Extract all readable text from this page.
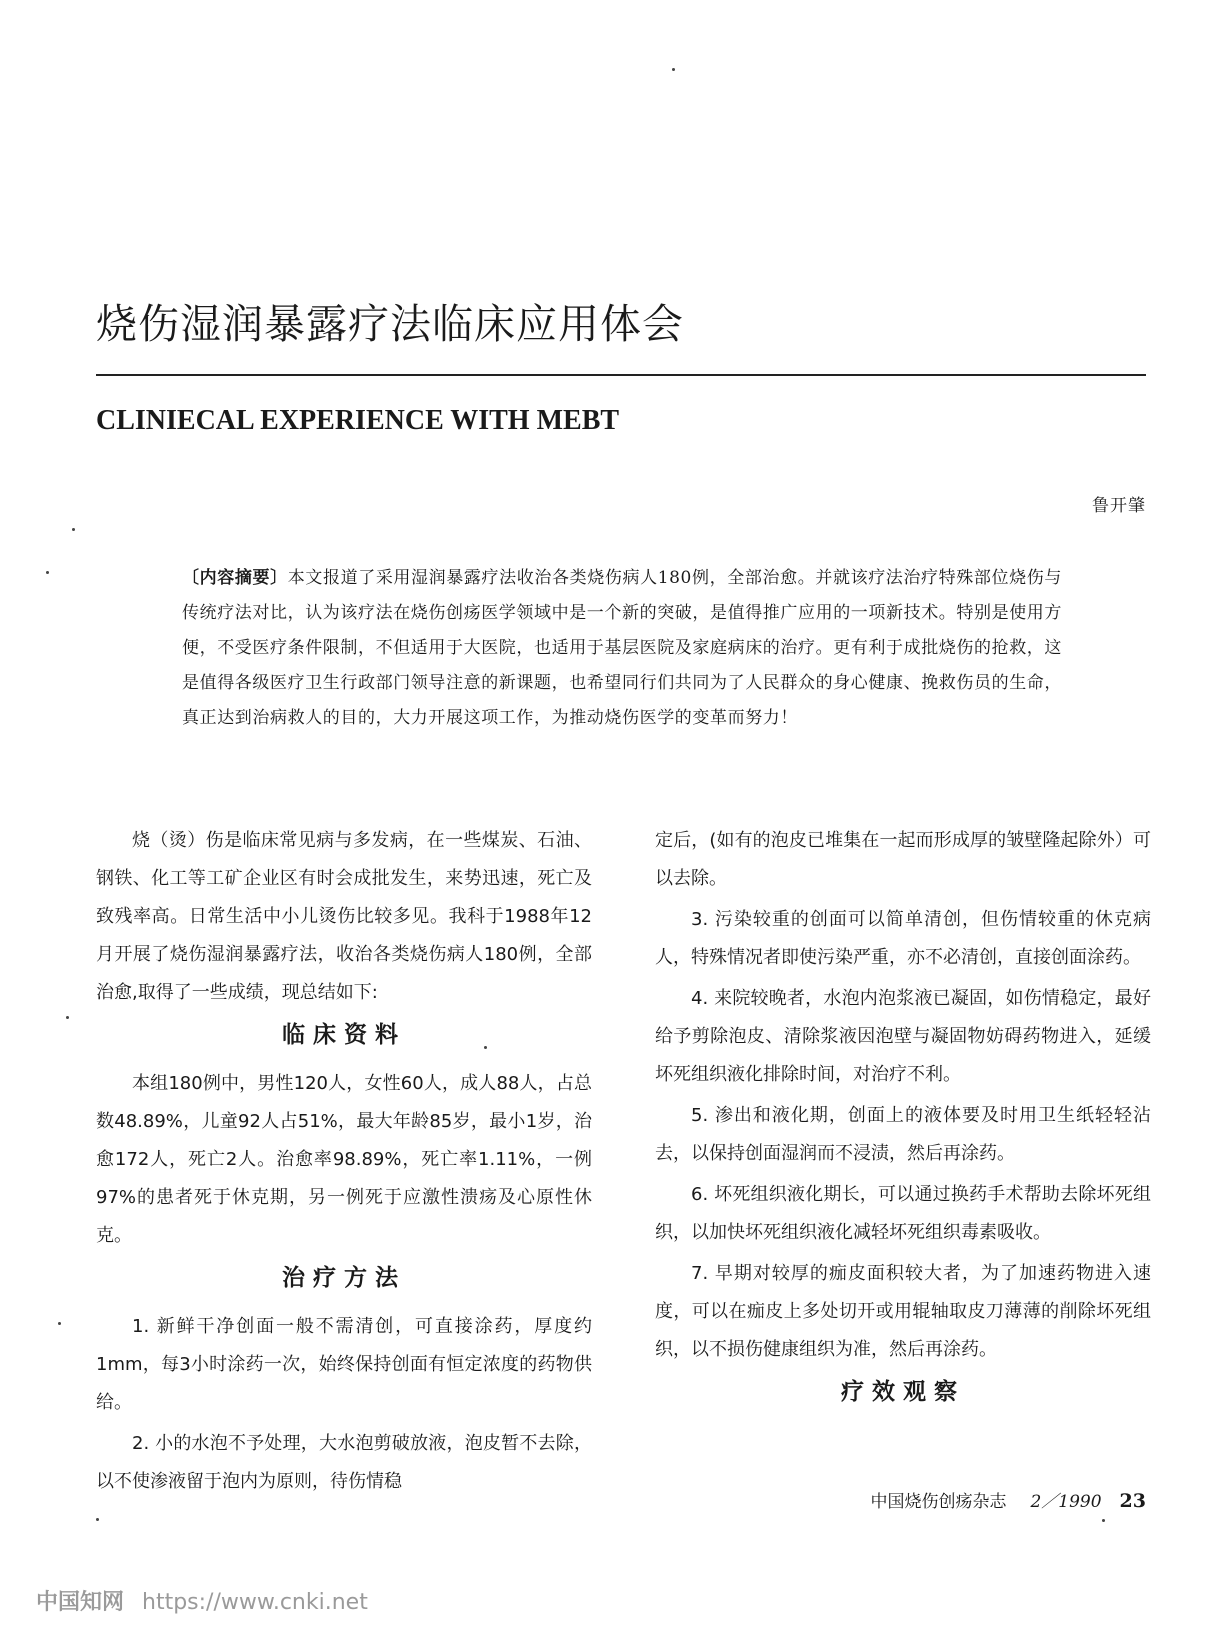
烧伤湿润暴露疗法临床应用体会
CLINIECAL EXPERIENCE WITH MEBT
鲁开肇

〔内容摘要〕本文报道了采用湿润暴露疗法收治各类烧伤病人180例，全部治愈。并就该疗法治疗特殊部位烧伤与传统疗法对比，认为该疗法在烧伤创疡医学领域中是一个新的突破，是值得推广应用的一项新技术。特别是使用方便，不受医疗条件限制，不但适用于大医院，也适用于基层医院及家庭病床的治疗。更有利于成批烧伤的抢救，这是值得各级医疗卫生行政部门领导注意的新课题，也希望同行们共同为了人民群众的身心健康、挽救伤员的生命，真正达到治病救人的目的，大力开展这项工作，为推动烧伤医学的变革而努力！

烧（烫）伤是临床常见病与多发病，在一些煤炭、石油、钢铁、化工等工矿企业区有时会成批发生，来势迅速，死亡及致残率高。日常生活中小儿烫伤比较多见。我科于1988年12月开展了烧伤湿润暴露疗法，收治各类烧伤病人180例，全部治愈,取得了一些成绩，现总结如下:

临床资料

本组180例中，男性120人，女性60人，成人88人，占总数48.89%，儿童92人占51%，最大年龄85岁，最小1岁，治愈172人，死亡2人。治愈率98.89%，死亡率1.11%，一例97%的患者死于休克期，另一例死于应激性溃疡及心原性休克。

治疗方法

1. 新鲜干净创面一般不需清创，可直接涂药，厚度约1mm，每3小时涂药一次，始终保持创面有恒定浓度的药物供给。

2. 小的水泡不予处理，大水泡剪破放液，泡皮暂不去除，以不使渗液留于泡内为原则，待伤情稳

定后，(如有的泡皮已堆集在一起而形成厚的皱壁隆起除外）可以去除。

3. 污染较重的创面可以简单清创，但伤情较重的休克病人，特殊情况者即使污染严重，亦不必清创，直接创面涂药。

4. 来院较晚者，水泡内泡浆液已凝固，如伤情稳定，最好给予剪除泡皮、清除浆液因泡壁与凝固物妨碍药物进入，延缓坏死组织液化排除时间，对治疗不利。

5. 渗出和液化期，创面上的液体要及时用卫生纸轻轻沾去，以保持创面湿润而不浸渍，然后再涂药。

6. 坏死组织液化期长，可以通过换药手术帮助去除坏死组织，以加快坏死组织液化减轻坏死组织毒素吸收。

7. 早期对较厚的痂皮面积较大者，为了加速药物进入速度，可以在痂皮上多处切开或用辊轴取皮刀薄薄的削除坏死组织，以不损伤健康组织为准，然后再涂药。

疗效观察
中国烧伤创疡杂志 2／1990 23
中国知网 https://www.cnki.net
